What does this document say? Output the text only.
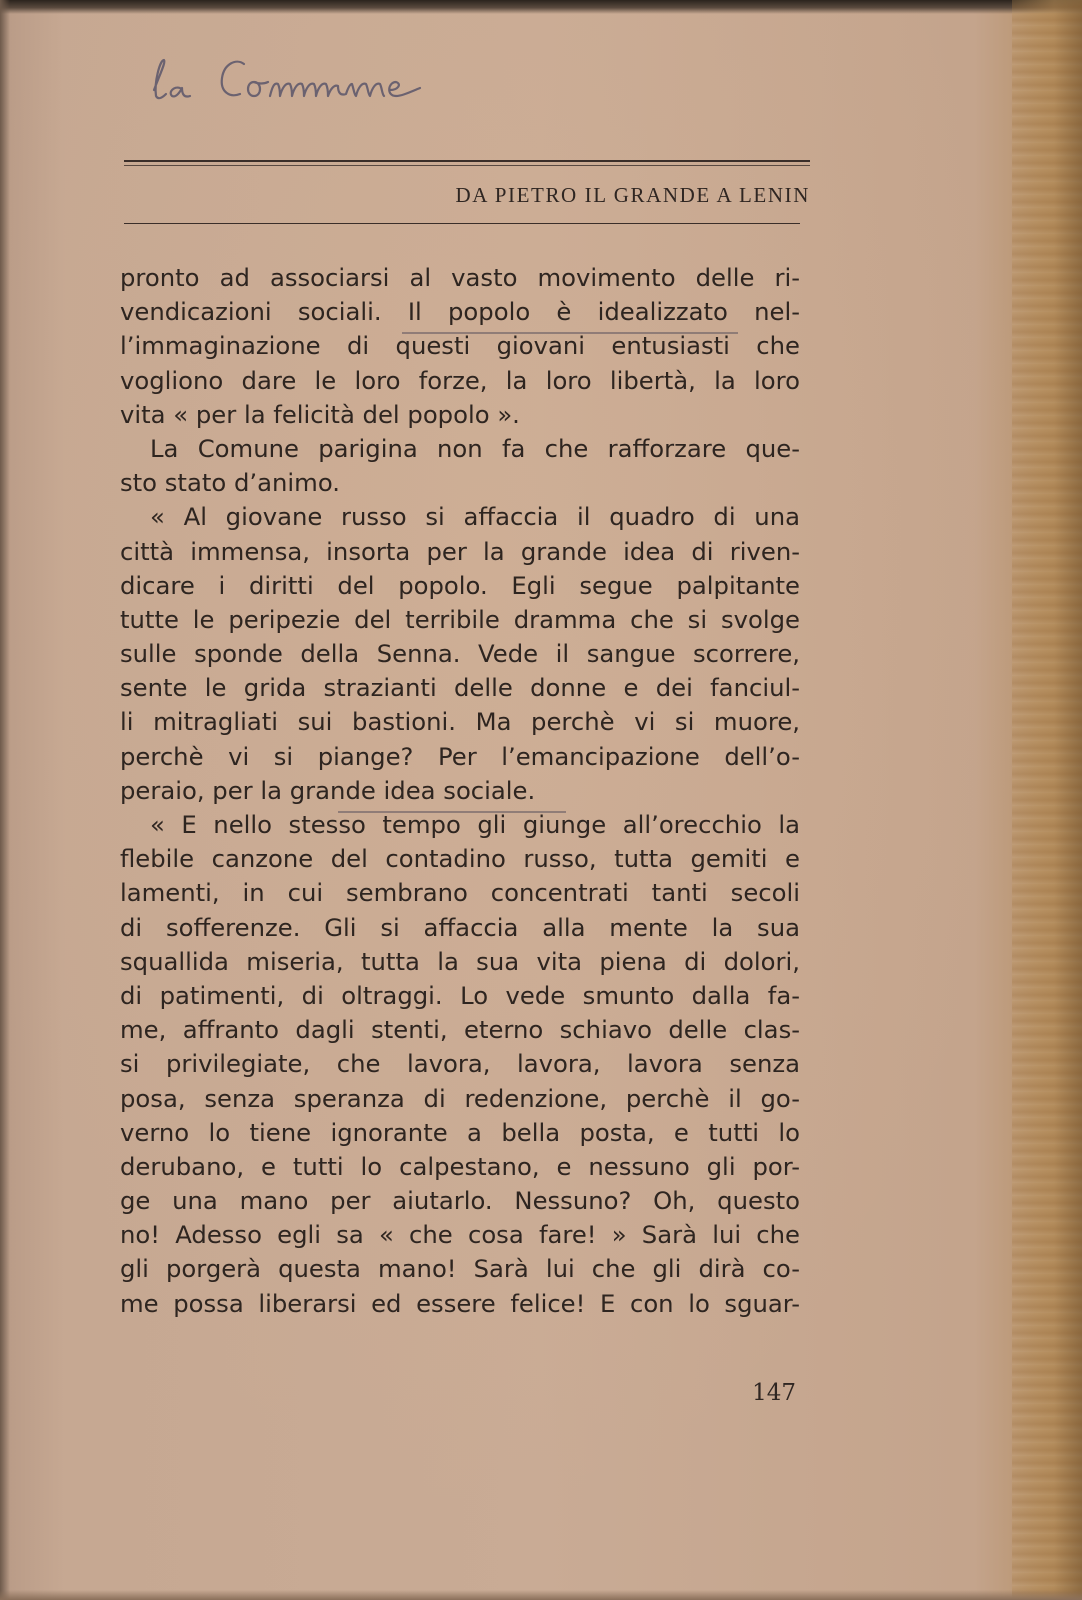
DA PIETRO IL GRANDE A LENIN
pronto ad associarsi al vasto movimento delle ri-
vendicazioni sociali. Il popolo è idealizzato nel-
l’immaginazione di questi giovani entusiasti che
vogliono dare le loro forze, la loro libertà, la loro
vita « per la felicità del popolo ».
La Comune parigina non fa che rafforzare que-
sto stato d’animo.
« Al giovane russo si affaccia il quadro di una
città immensa, insorta per la grande idea di riven-
dicare i diritti del popolo. Egli segue palpitante
tutte le peripezie del terribile dramma che si svolge
sulle sponde della Senna. Vede il sangue scorrere,
sente le grida strazianti delle donne e dei fanciul-
li mitragliati sui bastioni. Ma perchè vi si muore,
perchè vi si piange? Per l’emancipazione dell’o-
peraio, per la grande idea sociale.
« E nello stesso tempo gli giunge all’orecchio la
flebile canzone del contadino russo, tutta gemiti e
lamenti, in cui sembrano concentrati tanti secoli
di sofferenze. Gli si affaccia alla mente la sua
squallida miseria, tutta la sua vita piena di dolori,
di patimenti, di oltraggi. Lo vede smunto dalla fa-
me, affranto dagli stenti, eterno schiavo delle clas-
si privilegiate, che lavora, lavora, lavora senza
posa, senza speranza di redenzione, perchè il go-
verno lo tiene ignorante a bella posta, e tutti lo
derubano, e tutti lo calpestano, e nessuno gli por-
ge una mano per aiutarlo. Nessuno? Oh, questo
no! Adesso egli sa « che cosa fare! » Sarà lui che
gli porgerà questa mano! Sarà lui che gli dirà co-
me possa liberarsi ed essere felice! E con lo sguar-
147
